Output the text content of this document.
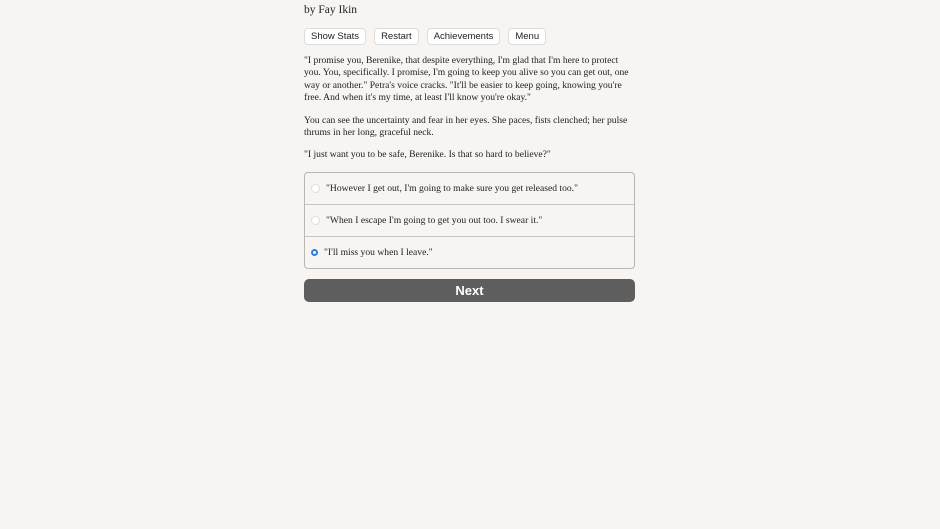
by Fay Ikin
Show Stats	Restart	Achievements	Menu

"I promise you, Berenike, that despite everything, I'm glad that I'm here to protect you. You, specifically. I promise, I'm going to keep you alive so you can get out, one way or another." Petra's voice cracks. "It'll be easier to keep going, knowing you're free. And when it's my time, at least I'll know you're okay."

You can see the uncertainty and fear in her eyes. She paces, fists clenched; her pulse thrums in her long, graceful neck.

"I just want you to be safe, Berenike. Is that so hard to believe?"

"However I get out, I'm going to make sure you get released too."
"When I escape I'm going to get you out too. I swear it."
"I'll miss you when I leave."
Next
